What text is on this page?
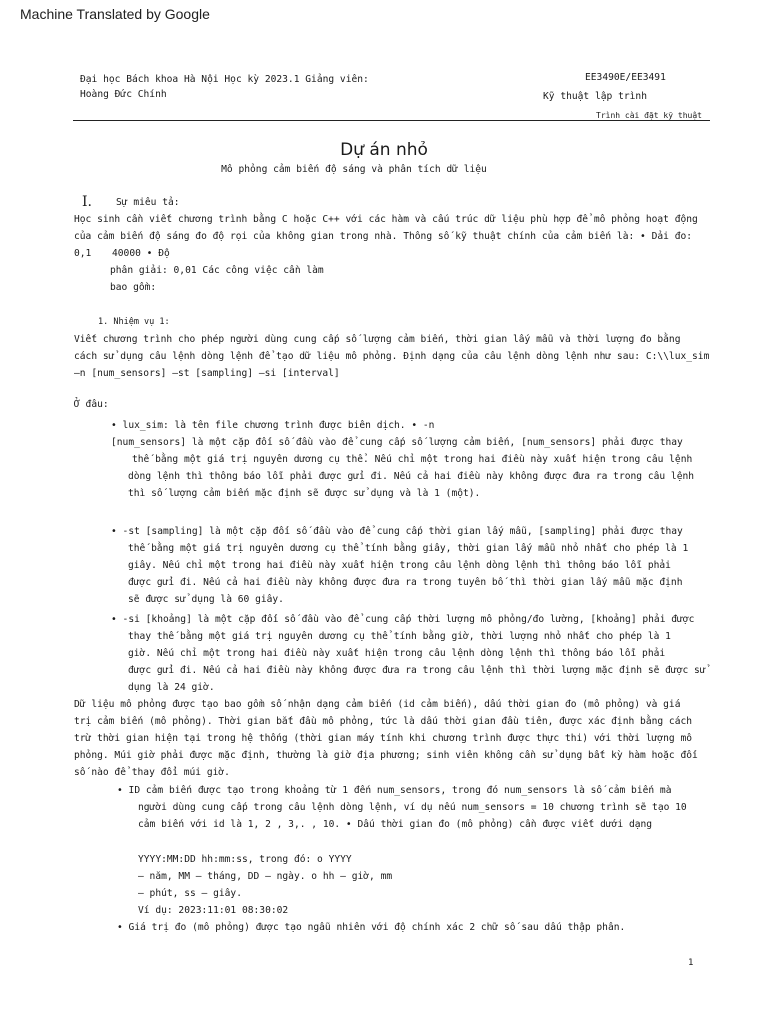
Machine Translated by Google
Đại học Bách khoa Hà Nội Học kỳ 2023.1 Giảng viên:
Hoàng Đức Chính
EE3490E/EE3491
Kỹ thuật lập trình
Trình cài đặt kỹ thuật
Dự án nhỏ
Mô phỏng cảm biến độ sáng và phân tích dữ liệu
I.	Sự miêu tả:
Học sinh cần viết chương trình bằng C hoặc C++ với các hàm và cấu trúc dữ liệu phù hợp để mô phỏng hoạt động
của cảm biến độ sáng đo độ rọi của không gian trong nhà. Thông số kỹ thuật chính của cảm biến là: • Dải đo:
0,1 40000 • Độ
phân giải: 0,01 Các công việc cần làm
bao gồm:
1. Nhiệm vụ 1:
Viết chương trình cho phép người dùng cung cấp số lượng cảm biến, thời gian lấy mẫu và thời lượng đo bằng
cách sử dụng câu lệnh dòng lệnh để tạo dữ liệu mô phỏng. Định dạng của câu lệnh dòng lệnh như sau: C:\\lux_sim
–n [num_sensors] –st [sampling] –si [interval]
Ở đâu:
• lux_sim: là tên file chương trình được biên dịch. • -n
[num_sensors] là một cặp đối số đầu vào để cung cấp số lượng cảm biến, [num_sensors] phải được thay
thế bằng một giá trị nguyên dương cụ thể. Nếu chỉ một trong hai điều này xuất hiện trong câu lệnh
dòng lệnh thì thông báo lỗi phải được gửi đi. Nếu cả hai điều này không được đưa ra trong câu lệnh
thì số lượng cảm biến mặc định sẽ được sử dụng và là 1 (một).
• -st [sampling] là một cặp đối số đầu vào để cung cấp thời gian lấy mẫu, [sampling] phải được thay
thế bằng một giá trị nguyên dương cụ thể tính bằng giây, thời gian lấy mẫu nhỏ nhất cho phép là 1
giây. Nếu chỉ một trong hai điều này xuất hiện trong câu lệnh dòng lệnh thì thông báo lỗi phải
được gửi đi. Nếu cả hai điều này không được đưa ra trong tuyên bố thì thời gian lấy mẫu mặc định
sẽ được sử dụng là 60 giây.
• -si [khoảng] là một cặp đối số đầu vào để cung cấp thời lượng mô phỏng/đo lường, [khoảng] phải được
thay thế bằng một giá trị nguyên dương cụ thể tính bằng giờ, thời lượng nhỏ nhất cho phép là 1
giờ. Nếu chỉ một trong hai điều này xuất hiện trong câu lệnh dòng lệnh thì thông báo lỗi phải
được gửi đi. Nếu cả hai điều này không được đưa ra trong câu lệnh thì thời lượng mặc định sẽ được sử
dụng là 24 giờ.
Dữ liệu mô phỏng được tạo bao gồm số nhận dạng cảm biến (id cảm biến), dấu thời gian đo (mô phỏng) và giá
trị cảm biến (mô phỏng). Thời gian bắt đầu mô phỏng, tức là dấu thời gian đầu tiên, được xác định bằng cách
trừ thời gian hiện tại trong hệ thống (thời gian máy tính khi chương trình được thực thi) với thời lượng mô
phỏng. Múi giờ phải được mặc định, thường là giờ địa phương; sinh viên không cần sử dụng bất kỳ hàm hoặc đối
số nào để thay đổi múi giờ.
• ID cảm biến được tạo trong khoảng từ 1 đến num_sensors, trong đó num_sensors là số cảm biến mà
người dùng cung cấp trong câu lệnh dòng lệnh, ví dụ nếu num_sensors = 10 chương trình sẽ tạo 10
cảm biến với id là 1, 2 , 3,. , 10. • Dấu thời gian đo (mô phỏng) cần được viết dưới dạng
YYYY:MM:DD hh:mm:ss, trong đó: o YYYY
– năm, MM – tháng, DD – ngày. o hh – giờ, mm
– phút, ss – giây.
Ví dụ: 2023:11:01 08:30:02
• Giá trị đo (mô phỏng) được tạo ngẫu nhiên với độ chính xác 2 chữ số sau dấu thập phân.
1
